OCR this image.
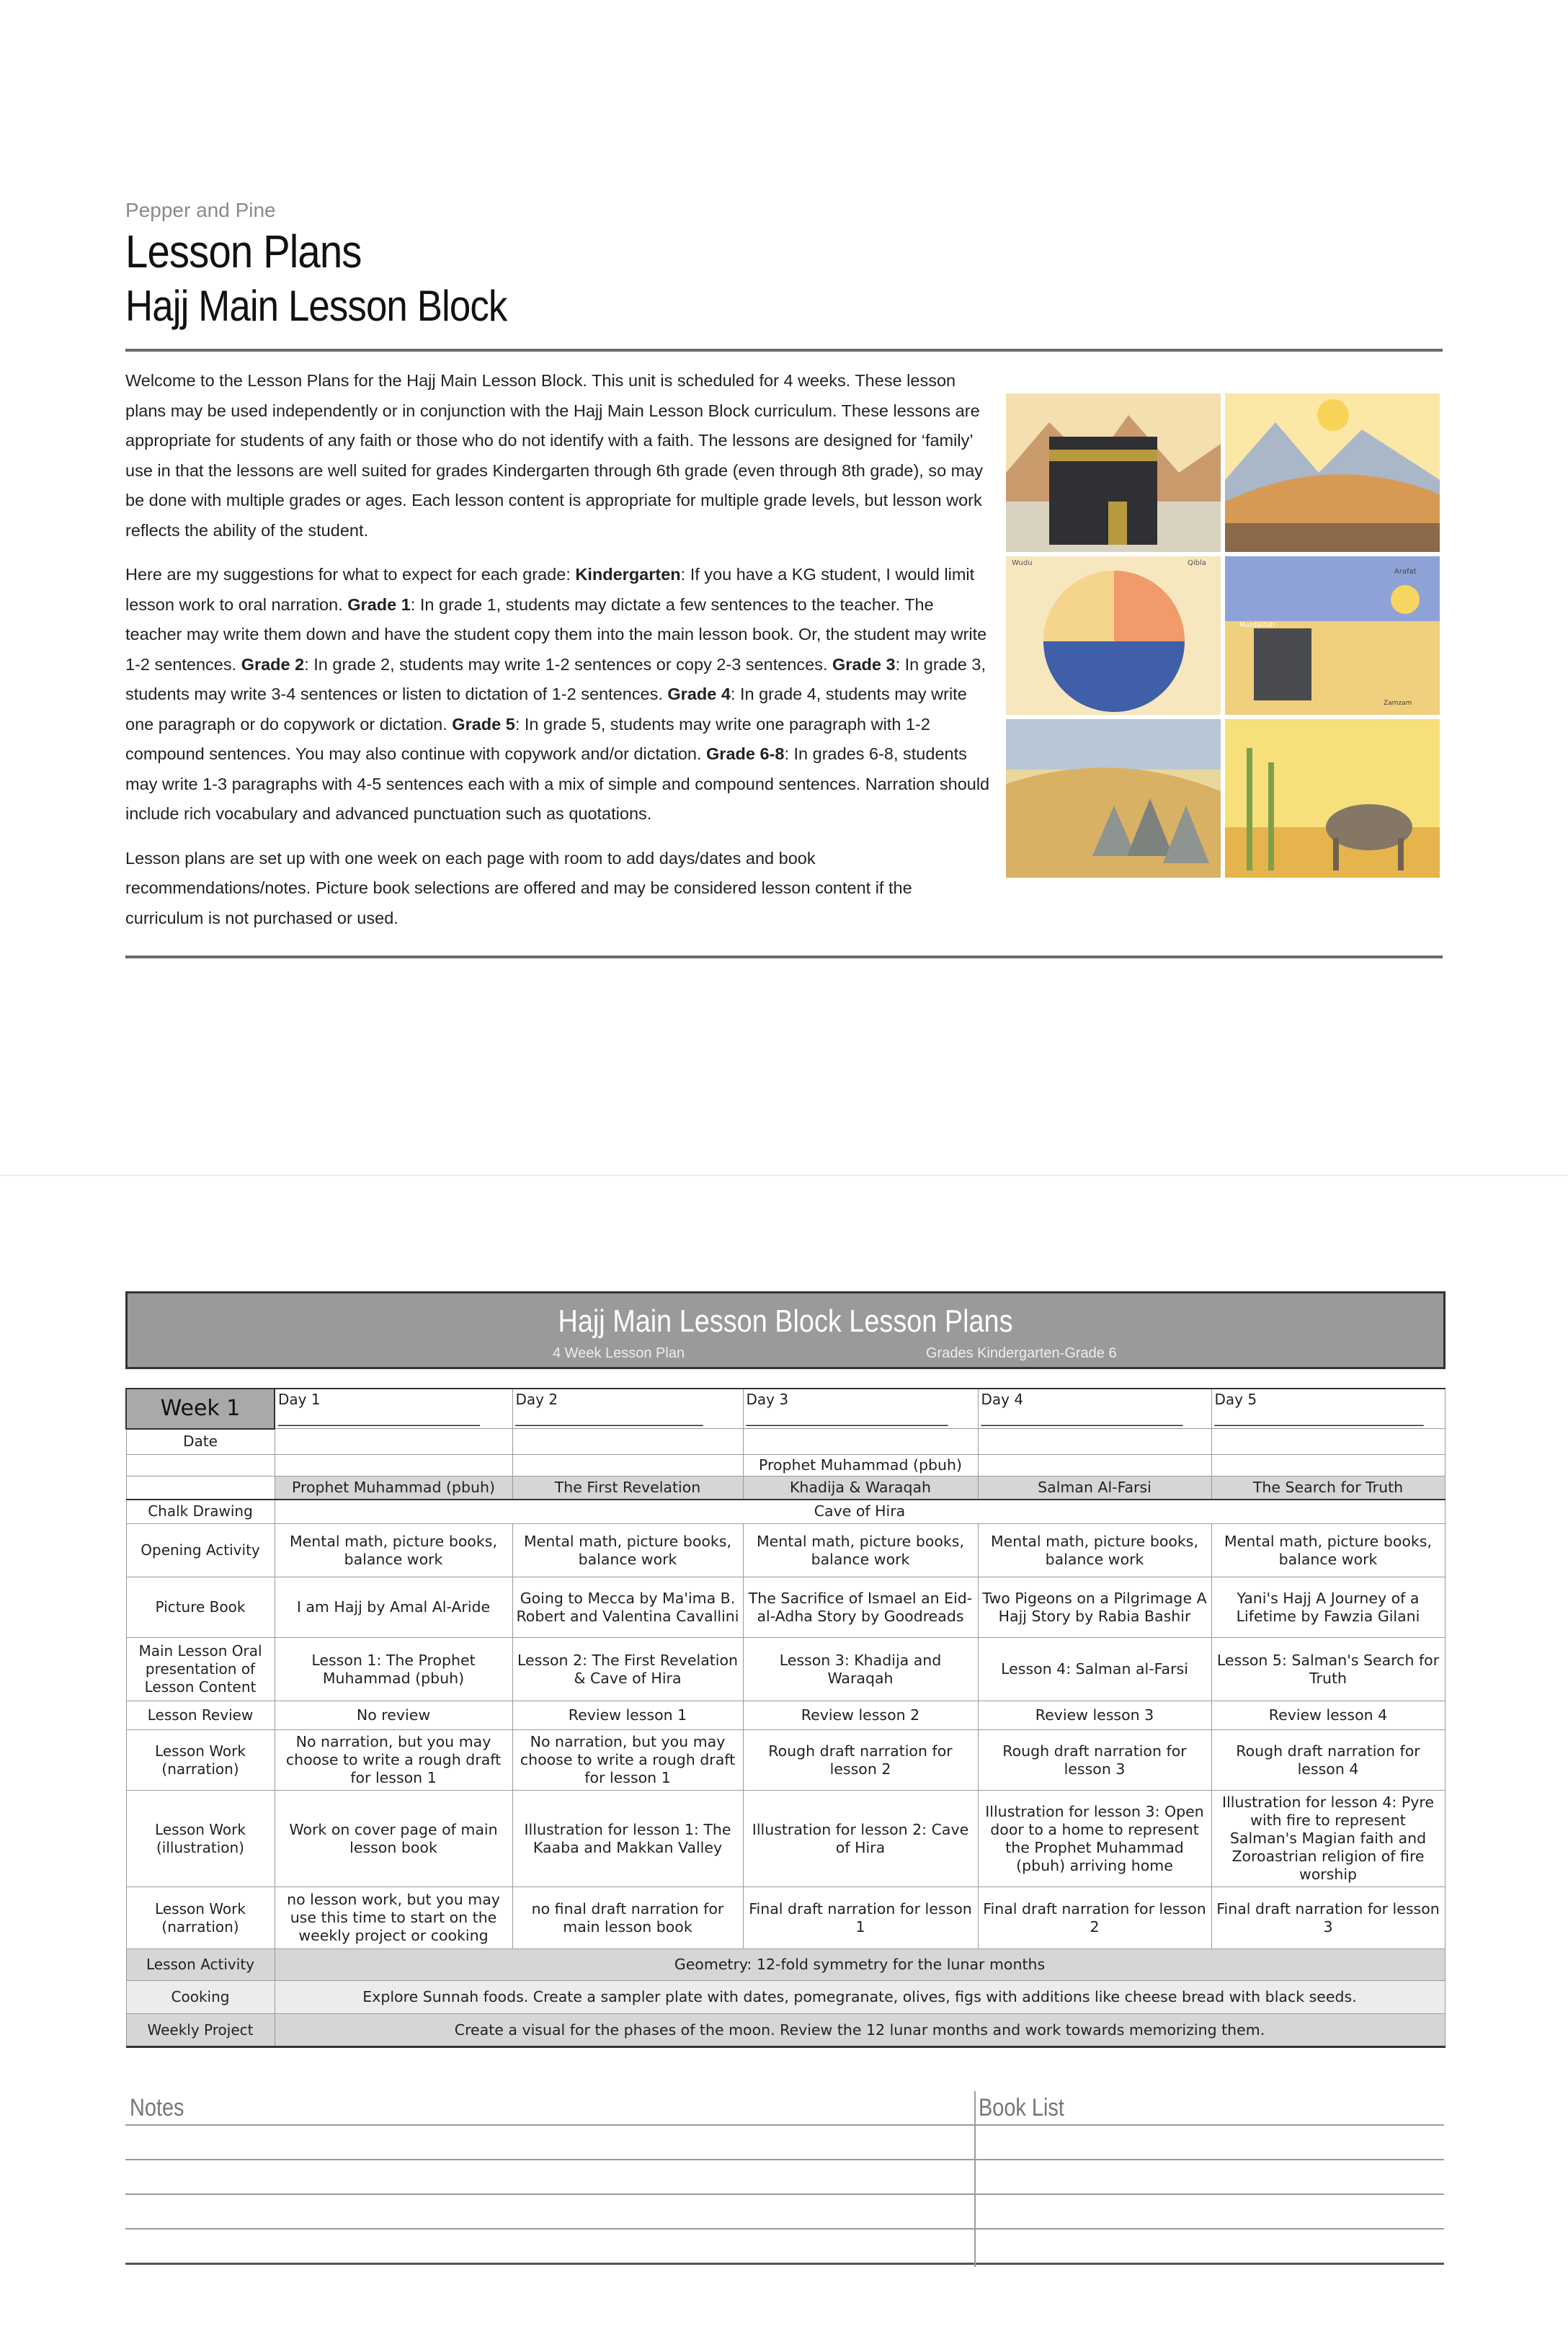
Pepper and Pine
Lesson Plans
Hajj Main Lesson Block

Welcome to the Lesson Plans for the Hajj Main Lesson Block. This unit is scheduled for 4 weeks. These lesson plans may be used independently or in conjunction with the Hajj Main Lesson Block curriculum. These lessons are appropriate for students of any faith or those who do not identify with a faith. The lessons are designed for ‘family’ use in that the lessons are well suited for grades Kindergarten through 6th grade (even through 8th grade), so may be done with multiple grades or ages. Each lesson content is appropriate for multiple grade levels, but lesson work reflects the ability of the student.

Here are my suggestions for what to expect for each grade: Kindergarten: If you have a KG student, I would limit lesson work to oral narration. Grade 1: In grade 1, students may dictate a few sentences to the teacher. The teacher may write them down and have the student copy them into the main lesson book. Or, the student may write 1-2 sentences. Grade 2: In grade 2, students may write 1-2 sentences or copy 2-3 sentences. Grade 3: In grade 3, students may write 3-4 sentences or listen to dictation of 1-2 sentences. Grade 4: In grade 4, students may write one paragraph or do copywork or dictation. Grade 5: In grade 5, students may write one paragraph with 1-2 compound sentences. You may also continue with copywork and/or dictation. Grade 6-8: In grades 6-8, students may write 1-3 paragraphs with 4-5 sentences each with a mix of simple and compound sentences. Narration should include rich vocabulary and advanced punctuation such as quotations.

Lesson plans are set up with one week on each page with room to add days/dates and book recommendations/notes. Picture book selections are offered and may be considered lesson content if the curriculum is not purchased or used.

Wudu	Qibla
Muzdalifah
Arafat
Zamzam
Hajj Main Lesson Block Lesson Plans
4 Week Lesson Plan	Grades Kindergarten-Grade 6
Week 1	Day 1 ____________________________	Day 2 __________________________	Day 3 ____________________________	Day 4 ____________________________	Day 5 _____________________________
Date					
			Prophet Muhammad (pbuh)		
	Prophet Muhammad (pbuh)	The First Revelation	Khadija & Waraqah	Salman Al-Farsi	The Search for Truth
Chalk Drawing	Cave of Hira				
Opening Activity	Mental math, picture books, balance work	Mental math, picture books, balance work	Mental math, picture books, balance work	Mental math, picture books, balance work	Mental math, picture books, balance work
Picture Book	I am Hajj by Amal Al-Aride	Going to Mecca by Ma'ima B. Robert and Valentina Cavallini	The Sacrifice of Ismael an Eid-al-Adha Story by Goodreads	Two Pigeons on a Pilgrimage A Hajj Story by Rabia Bashir	Yani's Hajj A Journey of a Lifetime by Fawzia Gilani
Main Lesson Oral presentation of Lesson Content	Lesson 1: The Prophet Muhammad (pbuh)	Lesson 2: The First Revelation & Cave of Hira	Lesson 3: Khadija and Waraqah	Lesson 4: Salman al-Farsi	Lesson 5: Salman's Search for Truth
Lesson Review	No review	Review lesson 1	Review lesson 2	Review lesson 3	Review lesson 4
Lesson Work (narration)	No narration, but you may choose to write a rough draft for lesson 1	No narration, but you may choose to write a rough draft for lesson 1	Rough draft narration for lesson 2	Rough draft narration for lesson 3	Rough draft narration for lesson 4
Lesson Work (illustration)	Work on cover page of main lesson book	Illustration for lesson 1: The Kaaba and Makkan Valley	Illustration for lesson 2: Cave of Hira	Illustration for lesson 3: Open door to a home to represent the Prophet Muhammad (pbuh) arriving home	Illustration for lesson 4: Pyre with fire to represent Salman's Magian faith and Zoroastrian religion of fire worship
Lesson Work (narration)	no lesson work, but you may use this time to start on the weekly project or cooking	no final draft narration for main lesson book	Final draft narration for lesson 1	Final draft narration for lesson 2	Final draft narration for lesson 3
Lesson Activity	Geometry: 12-fold symmetry for the lunar months				
Cooking	Explore Sunnah foods. Create a sampler plate with dates, pomegranate, olives, figs with additions like cheese bread with black seeds.				
Weekly Project	Create a visual for the phases of the moon. Review the 12 lunar months and work towards memorizing them.				
Notes	Book List
